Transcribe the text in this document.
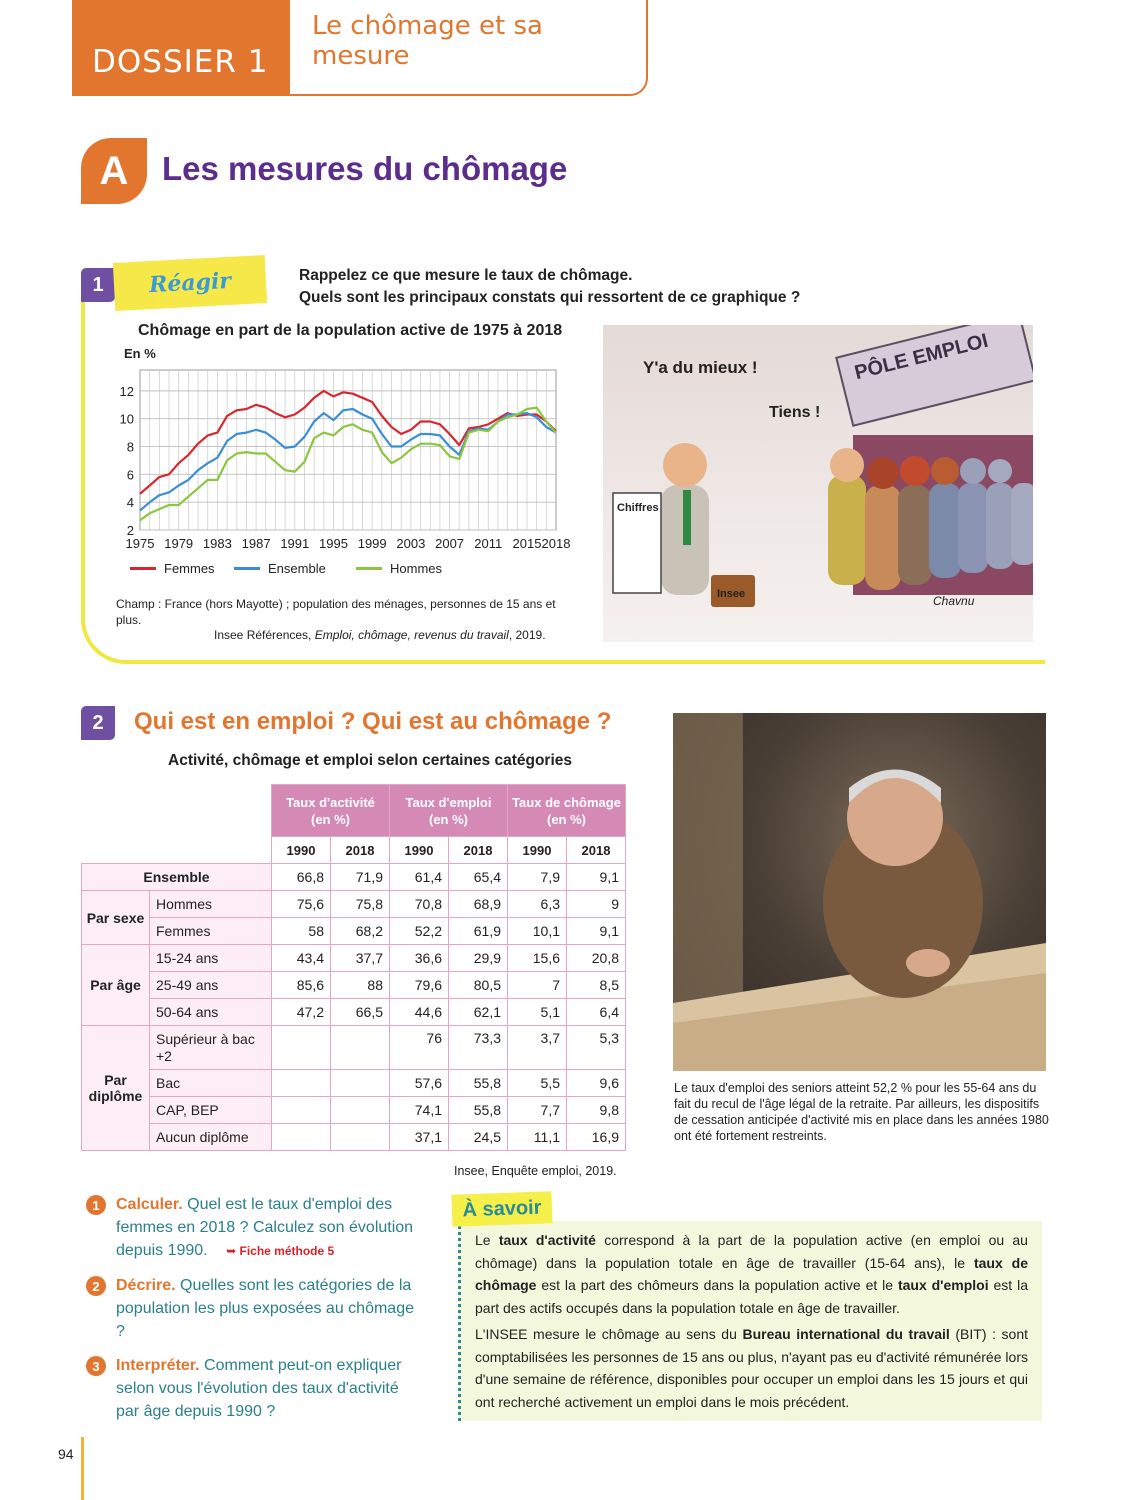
DOSSIER 1
Le chômage et sa mesure
A	Les mesures du chômage
1	Réagir	Rappelez ce que mesure le taux de chômage.
Quels sont les principaux constats qui ressortent de ce graphique ?
Chômage en part de la population active de 1975 à 2018
En %
2
4
6
8
10
12
1975 1979 1983 1987 1991 1995 1999 2003 2007 2011 2015 2018
Femmes	Ensemble	Hommes
Champ : France (hors Mayotte) ; population des ménages, personnes de 15 ans et plus.
Insee Références, Emploi, chômage, revenus du travail, 2019.
PÔLE EMPLOI
Chiffres
Insee
Y'a du mieux !
Tiens !
Chavnu
2	Qui est en emploi ? Qui est au chômage ?
Activité, chômage et emploi selon certaines catégories
		Taux d'activité (en %)		Taux d'emploi (en %)		Taux de chômage (en %)	
		1990	2018	1990	2018	1990	2018
Ensemble		66,8	71,9	61,4	65,4	7,9	9,1
Par sexe	Hommes	75,6	75,8	70,8	68,9	6,3	9
	Femmes	58	68,2	52,2	61,9	10,1	9,1
Par âge	15-24 ans	43,4	37,7	36,6	29,9	15,6	20,8
	25-49 ans	85,6	88	79,6	80,5	7	8,5
	50-64 ans	47,2	66,5	44,6	62,1	5,1	6,4
Par diplôme	Supérieur à bac +2			76	73,3	3,7	5,3
	Bac			57,6	55,8	5,5	9,6
	CAP, BEP			74,1	55,8	7,7	9,8
	Aucun diplôme			37,1	24,5	11,1	16,9
Insee, Enquête emploi, 2019.
Le taux d'emploi des seniors atteint 52,2 % pour les 55-64 ans du fait du recul de l'âge légal de la retraite. Par ailleurs, les dispositifs de cessation anticipée d'activité mis en place dans les années 1980 ont été fortement restreints.
1	Calculer. Quel est le taux d'emploi des femmes en 2018 ? Calculez son évolution depuis 1990. ➥ Fiche méthode 5
2	Décrire. Quelles sont les catégories de la population les plus exposées au chômage ?
3	Interpréter. Comment peut-on expliquer selon vous l'évolution des taux d'activité par âge depuis 1990 ?

Le taux d'activité correspond à la part de la population active (en emploi ou au chômage) dans la population totale en âge de travailler (15-64 ans), le taux de chômage est la part des chômeurs dans la population active et le taux d'emploi est la part des actifs occupés dans la population totale en âge de travailler.

L'INSEE mesure le chômage au sens du Bureau international du travail (BIT) : sont comptabilisées les personnes de 15 ans ou plus, n'ayant pas eu d'activité rémunérée lors d'une semaine de référence, disponibles pour occuper un emploi dans les 15 jours et qui ont recherché activement un emploi dans le mois précédent.

À savoir
94
